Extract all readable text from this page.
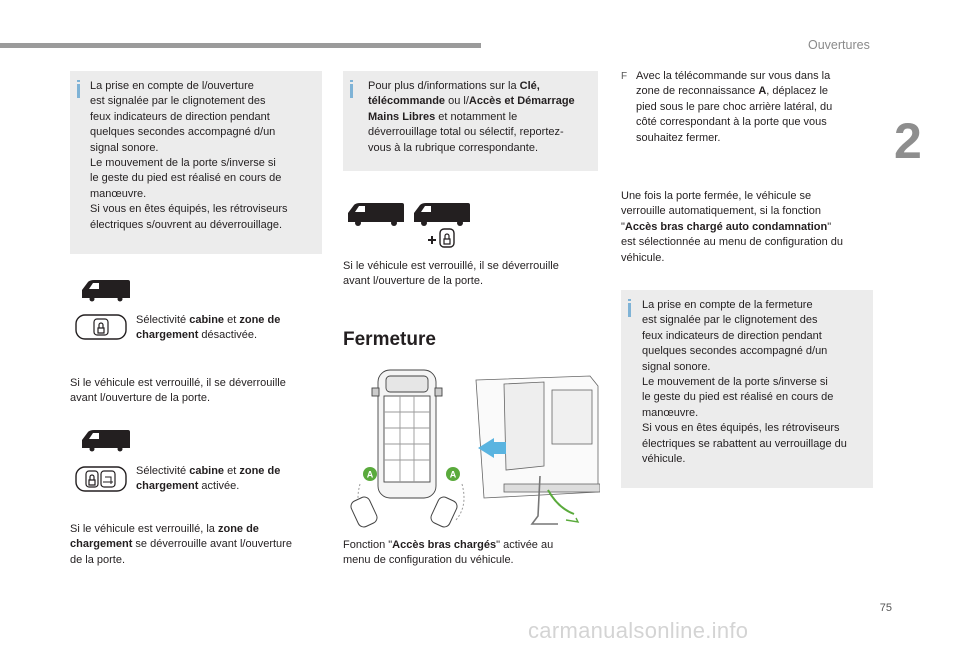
Ouvertures
2
75

La prise en compte de l/ouverture

est signalée par le clignotement des

feux indicateurs de direction pendant

quelques secondes accompagné d/un

signal sonore.

Le mouvement de la porte s/inverse si

le geste du pied est réalisé en cours de

manœuvre.

Si vous en êtes équipés, les rétroviseurs

électriques s/ouvrent au déverrouillage.

Sélectivité cabine et zone de

chargement désactivée.

Si le véhicule est verrouillé, il se déverrouille

avant l/ouverture de la porte.

Sélectivité cabine et zone de

chargement activée.

Si le véhicule est verrouillé, la zone de

chargement se déverrouille avant l/ouverture

de la porte.

Pour plus d/informations sur la Clé,

télécommande ou l/Accès et Démarrage

Mains Libres et notamment le

déverrouillage total ou sélectif, reportez-

vous à la rubrique correspondante.

Si le véhicule est verrouillé, il se déverrouille

avant l/ouverture de la porte.

Fermeture
A	A

Fonction "Accès bras chargés" activée au

menu de configuration du véhicule.

F Avec la télécommande sur vous dans la

zone de reconnaissance A, déplacez le

pied sous le pare choc arrière latéral, du

côté correspondant à la porte que vous

souhaitez fermer.

Une fois la porte fermée, le véhicule se

verrouille automatiquement, si la fonction

"Accès bras chargé auto condamnation"

est sélectionnée au menu de configuration du

véhicule.

La prise en compte de la fermeture

est signalée par le clignotement des

feux indicateurs de direction pendant

quelques secondes accompagné d/un

signal sonore.

Le mouvement de la porte s/inverse si

le geste du pied est réalisé en cours de

manœuvre.

Si vous en êtes équipés, les rétroviseurs

électriques se rabattent au verrouillage du

véhicule.

carmanualsonline.info
